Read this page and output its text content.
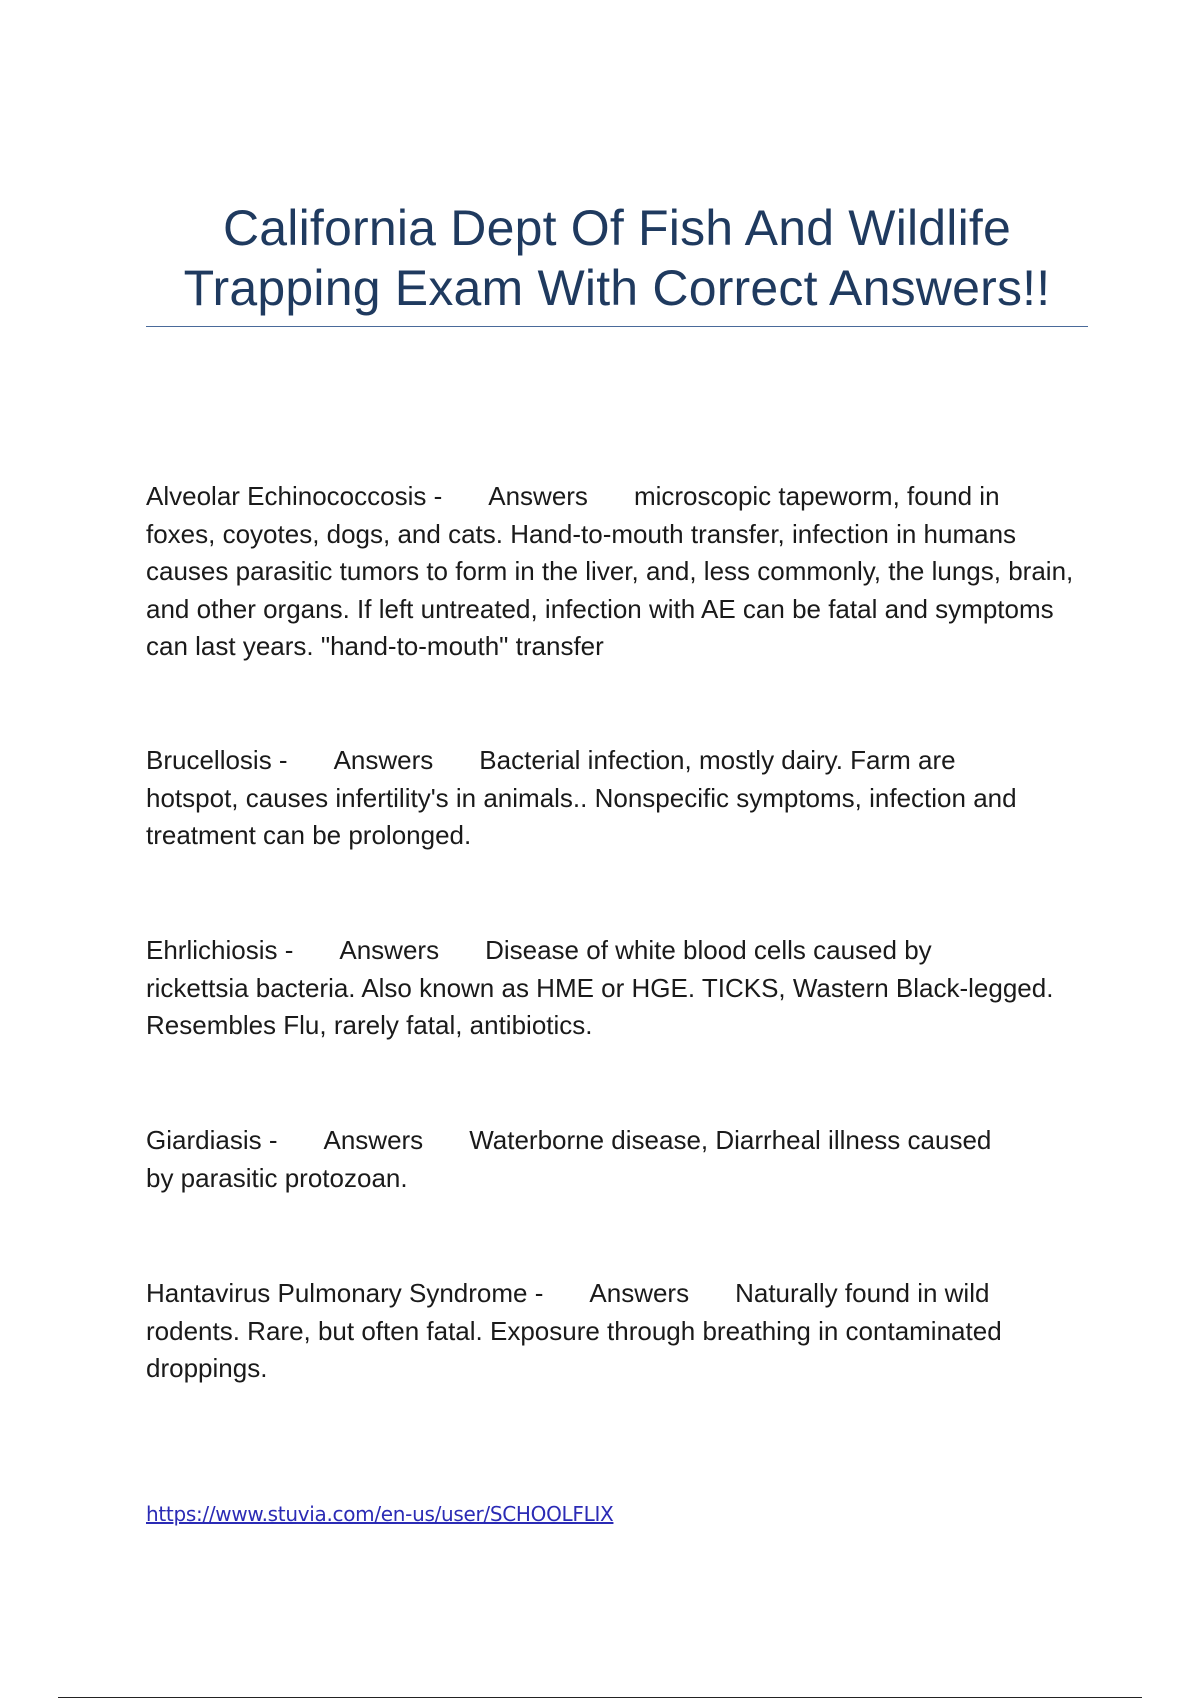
California Dept Of Fish And Wildlife
Trapping Exam With Correct Answers!!
Alveolar Echinococcosis - Answers microscopic tapeworm, found in
foxes, coyotes, dogs, and cats. Hand-to-mouth transfer, infection in humans causes parasitic tumors to form in the liver, and, less commonly, the lungs, brain, and other organs. If left untreated, infection with AE can be fatal and symptoms can last years. "hand-to-mouth" transfer
Brucellosis - Answers Bacterial infection, mostly dairy. Farm are
hotspot, causes infertility's in animals.. Nonspecific symptoms, infection and treatment can be prolonged.
Ehrlichiosis - Answers Disease of white blood cells caused by
rickettsia bacteria. Also known as HME or HGE. TICKS, Wastern Black-legged. Resembles Flu, rarely fatal, antibiotics.
Giardiasis - Answers Waterborne disease, Diarrheal illness caused
by parasitic protozoan.
Hantavirus Pulmonary Syndrome - Answers Naturally found in wild
rodents. Rare, but often fatal. Exposure through breathing in contaminated droppings.
https://www.stuvia.com/en-us/user/SCHOOLFLIX
